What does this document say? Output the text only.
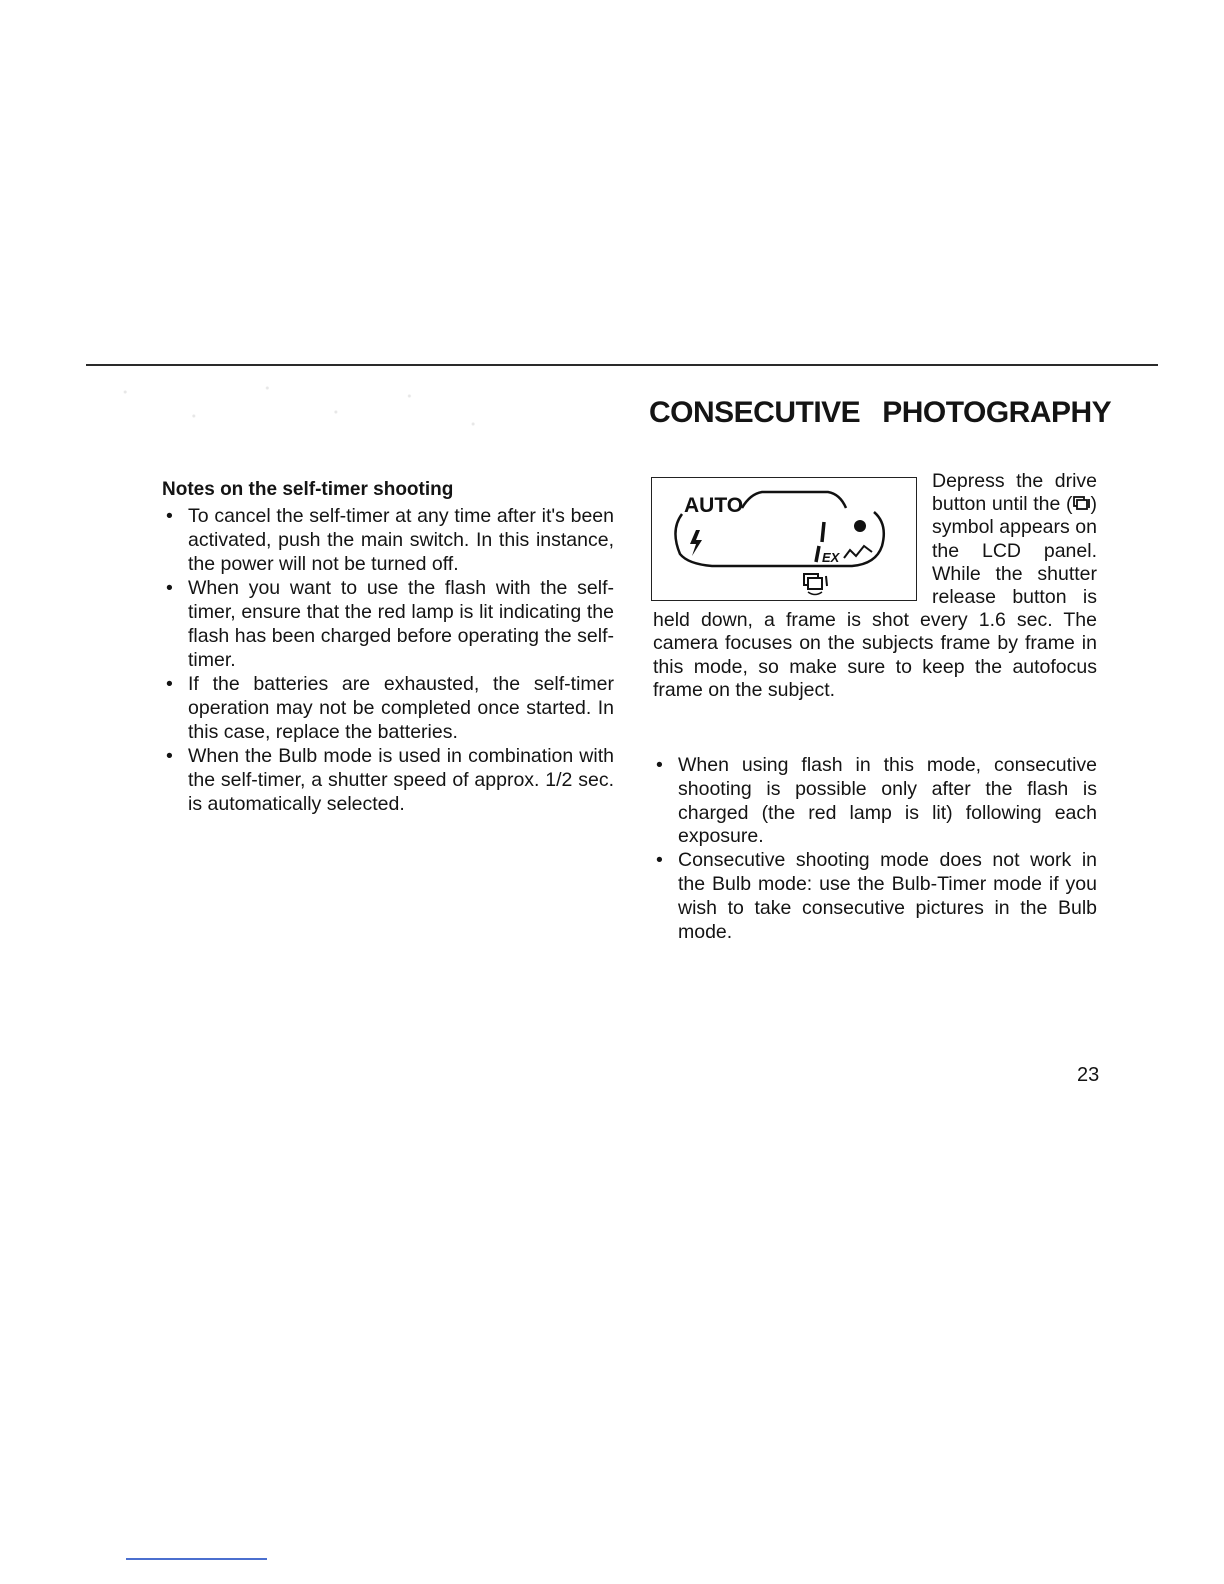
CONSECUTIVE PHOTOGRAPHY
Notes on the self-timer shooting
• To cancel the self-timer at any time after it's been activated, push the main switch. In this instance, the power will not be turned off.
• When you want to use the flash with the self-timer, ensure that the red lamp is lit indicating the flash has been charged before operating the self-timer.
• If the batteries are exhausted, the self-timer operation may not be completed once started. In this case, replace the batteries.
• When the Bulb mode is used in combination with the self-timer, a shutter speed of approx. 1/2 sec. is automatically selected.
AUTO
EX

Depress the drive button until the ( ) symbol appears on the LCD panel. While the shutter release button is held down, a frame is shot every 1.6 sec. The camera focuses on the subjects frame by frame in this mode, so make sure to keep the autofocus frame on the subject.

• When using flash in this mode, consecutive shooting is possible only after the flash is charged (the red lamp is lit) following each exposure.
• Consecutive shooting mode does not work in the Bulb mode: use the Bulb-Timer mode if you wish to take consecutive pictures in the Bulb mode.
23
